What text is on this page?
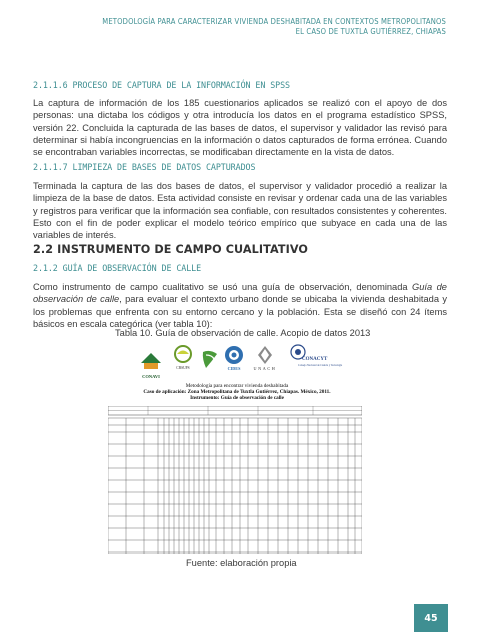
METODOLOGÍA PARA CARACTERIZAR VIVIENDA DESHABITADA EN CONTEXTOS METROPOLITANOS
EL CASO DE TUXTLA GUTIÉRREZ, CHIAPAS
2.1.1.6 PROCESO DE CAPTURA DE LA INFORMACIÓN EN SPSS

La captura de información de los 185 cuestionarios aplicados se realizó con el apoyo de dos personas: una dictaba los códigos y otra introducía los datos en el programa estadístico SPSS, versión 22. Concluida la capturada de las bases de datos, el supervisor y validador las revisó para determinar si había incongruencias en la información o datos capturados de forma errónea. Cuando se encontraban variables incorrectas, se modificaban directamente en la vista de datos.

2.1.1.7 LIMPIEZA DE BASES DE DATOS CAPTURADOS

Terminada la captura de las dos bases de datos, el supervisor y validador procedió a realizar la limpieza de la base de datos. Esta actividad consiste en revisar y ordenar cada una de las variables y registros para verificar que la información sea confiable, con resultados consistentes y coherentes. Esto con el fin de poder explicar el modelo teórico empírico que subyace en cada una de las variables de interés.

2.2 INSTRUMENTO DE CAMPO CUALITATIVO
2.1.2 GUÍA DE OBSERVACIÓN DE CALLE

Como instrumento de campo cualitativo se usó una guía de observación, denominada Guía de observación de calle, para evaluar el contexto urbano donde se ubicaba la vivienda deshabitada y los problemas que enfrenta con su entorno cercano y la población. Esta se diseñó con 24 ítems básicos en escala categórica (ver tabla 10):

Tabla 10. Guía de observación de calle. Acopio de datos 2013
CONAVI
CBSUPS	CIDES	UNACH
CONACYT
Consejo Nacional de Ciencia y Tecnología
Metodología para encontrar vivienda deshabitada
Caso de aplicación: Zona Metropolitana de Tuxtla Gutiérrez, Chiapas. México, 2011.
Instrumento: Guía de observación de calle
Fuente: elaboración propia
45
